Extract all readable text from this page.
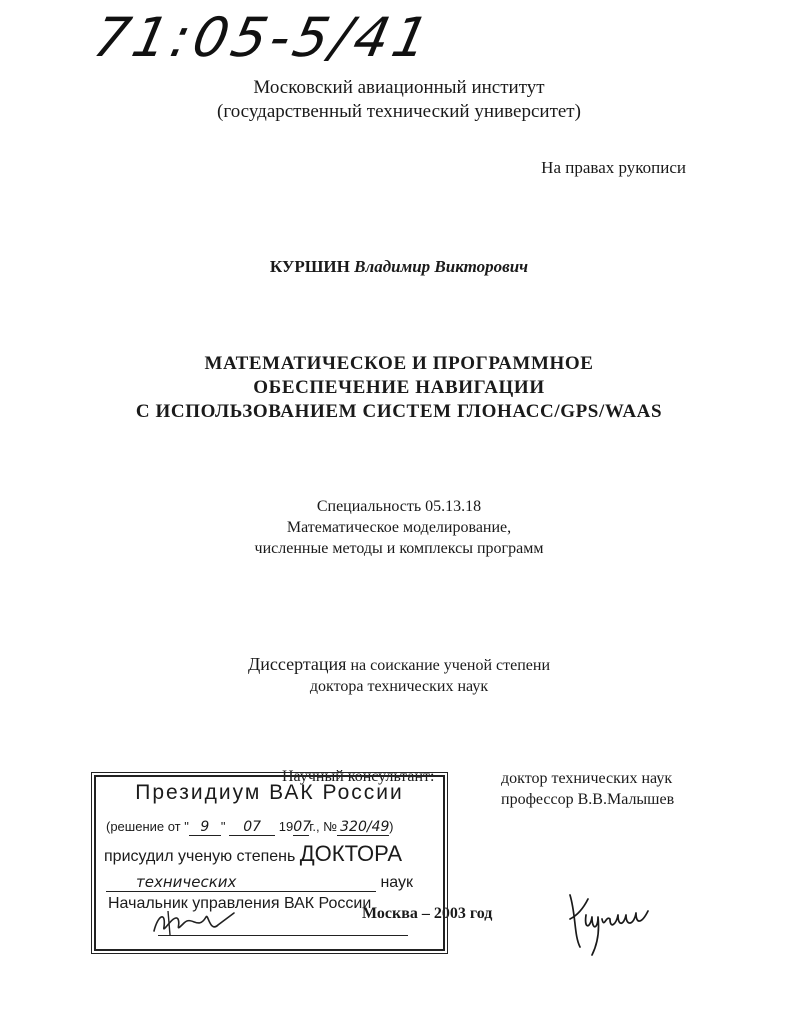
71:05-5/41
Московский авиационный институт
(государственный технический университет)
На правах рукописи
КУРШИН Владимир Викторович
МАТЕМАТИЧЕСКОЕ И ПРОГРАММНОЕ
ОБЕСПЕЧЕНИЕ НАВИГАЦИИ
С ИСПОЛЬЗОВАНИЕМ СИСТЕМ ГЛОНАСС/GPS/WAAS
Специальность 05.13.18
Математическое моделирование,
численные методы и комплексы программ
Диссертация на соискание ученой степени
доктора технических наук
Научный консультант:	доктор технических наук
профессор В.В.Малышев
Москва – 2003 год
Президиум ВАК России
(решение от " 9 " 07 1907г., № 320/49)
присудил ученую степень ДОКТОРА
технических	наук
Начальник управления ВАК России
